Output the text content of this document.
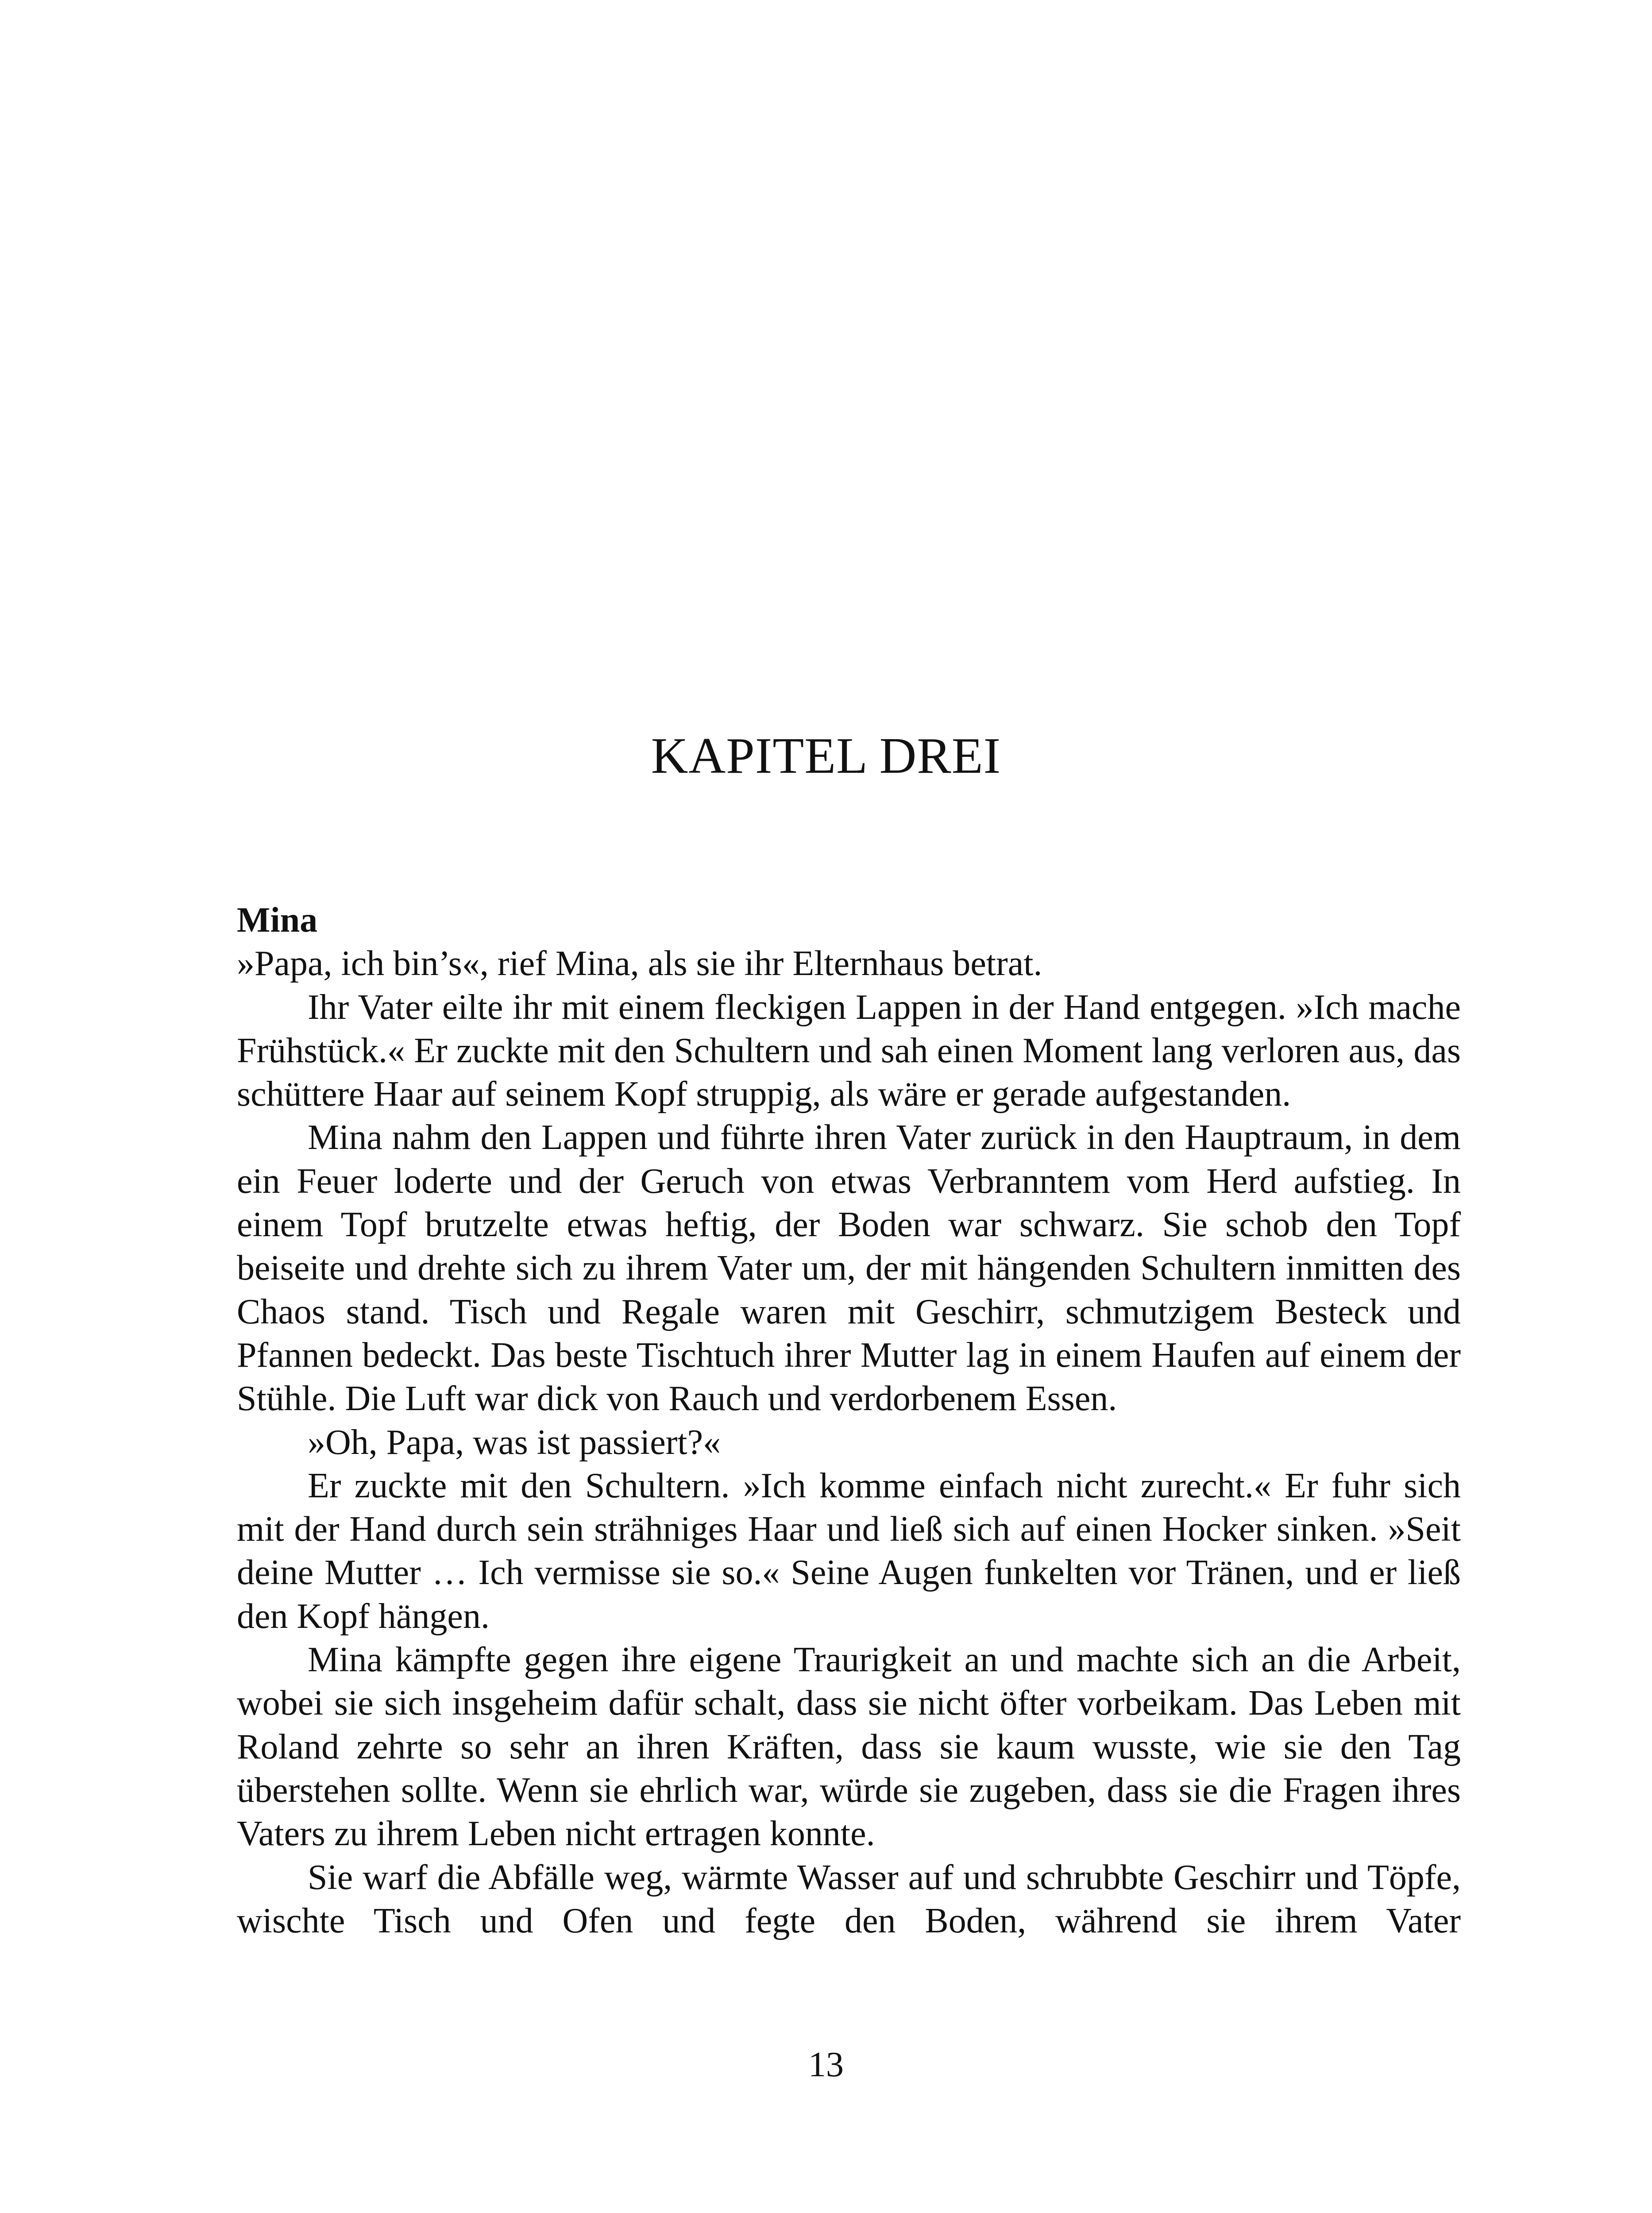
KAPITEL DREI

Mina

»Papa, ich bin’s«, rief Mina, als sie ihr Elternhaus betrat.

Ihr Vater eilte ihr mit einem fleckigen Lappen in der Hand entgegen. »Ich mache Frühstück.« Er zuckte mit den Schultern und sah einen Moment lang verloren aus, das schüttere Haar auf seinem Kopf struppig, als wäre er gerade aufgestanden.

Mina nahm den Lappen und führte ihren Vater zurück in den Hauptraum, in dem ein Feuer loderte und der Geruch von etwas Verbranntem vom Herd aufstieg. In einem Topf brutzelte etwas heftig, der Boden war schwarz. Sie schob den Topf beiseite und drehte sich zu ihrem Vater um, der mit hängenden Schultern inmitten des Chaos stand. Tisch und Regale waren mit Geschirr, schmutzigem Besteck und Pfannen bedeckt. Das beste Tischtuch ihrer Mutter lag in einem Haufen auf einem der Stühle. Die Luft war dick von Rauch und verdorbenem Essen.

»Oh, Papa, was ist passiert?«

Er zuckte mit den Schultern. »Ich komme einfach nicht zurecht.« Er fuhr sich mit der Hand durch sein strähniges Haar und ließ sich auf einen Hocker sinken. »Seit deine Mutter … Ich vermisse sie so.« Seine Augen funkelten vor Tränen, und er ließ den Kopf hängen.

Mina kämpfte gegen ihre eigene Traurigkeit an und machte sich an die Arbeit, wobei sie sich insgeheim dafür schalt, dass sie nicht öfter vorbeikam. Das Leben mit Roland zehrte so sehr an ihren Kräften, dass sie kaum wusste, wie sie den Tag überstehen sollte. Wenn sie ehrlich war, würde sie zugeben, dass sie die Fragen ihres Vaters zu ihrem Leben nicht ertragen konnte.

Sie warf die Abfälle weg, wärmte Wasser auf und schrubbte Geschirr und Töpfe, wischte Tisch und Ofen und fegte den Boden, während sie ihrem Vater

13
